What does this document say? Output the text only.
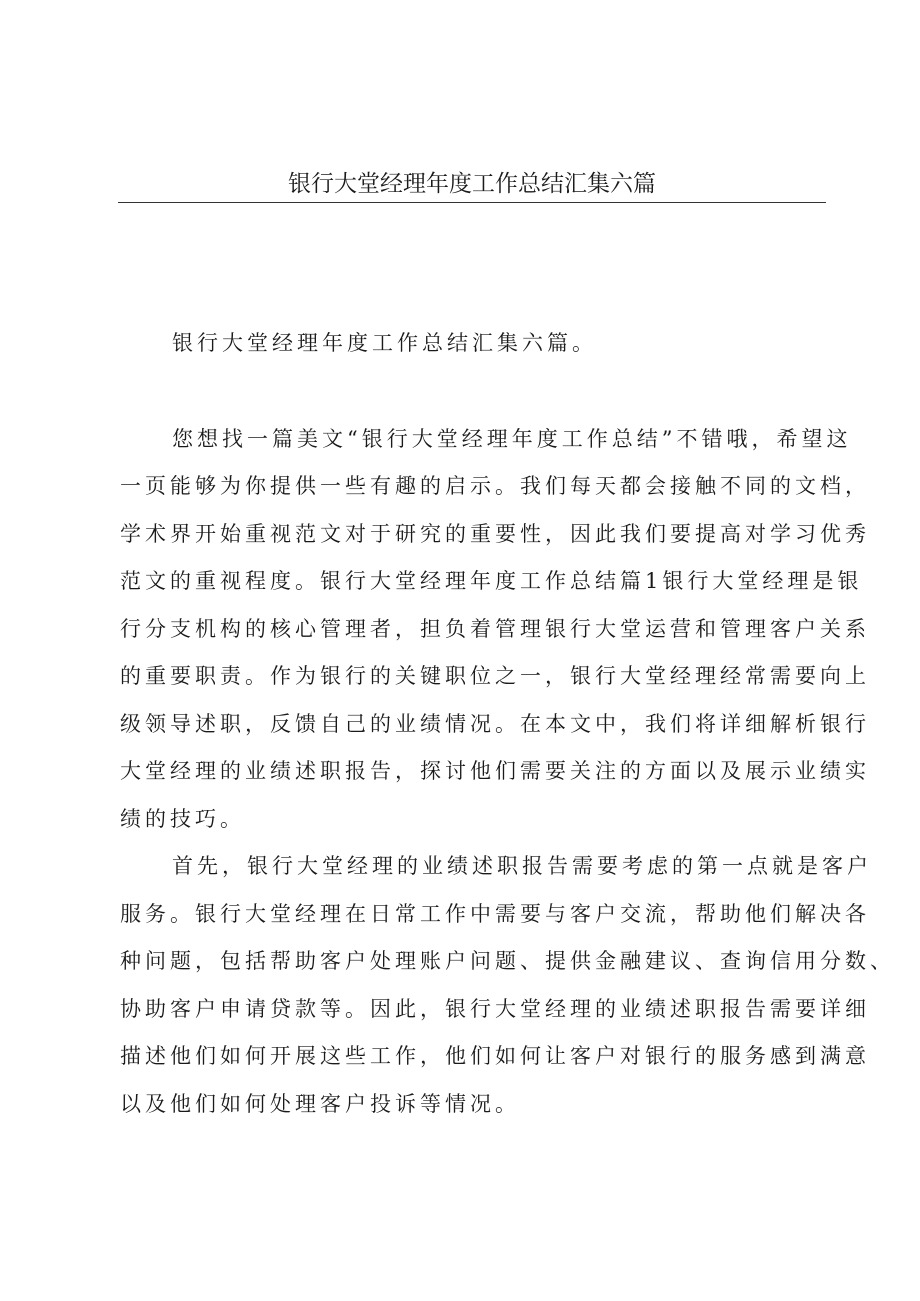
银行大堂经理年度工作总结汇集六篇
银行大堂经理年度工作总结汇集六篇。
您想找一篇美文“银行大堂经理年度工作总结”不错哦，希望这
一页能够为你提供一些有趣的启示。我们每天都会接触不同的文档，
学术界开始重视范文对于研究的重要性，因此我们要提高对学习优秀
范文的重视程度。银行大堂经理年度工作总结篇1银行大堂经理是银
行分支机构的核心管理者，担负着管理银行大堂运营和管理客户关系
的重要职责。作为银行的关键职位之一，银行大堂经理经常需要向上
级领导述职，反馈自己的业绩情况。在本文中，我们将详细解析银行
大堂经理的业绩述职报告，探讨他们需要关注的方面以及展示业绩实
绩的技巧。
首先，银行大堂经理的业绩述职报告需要考虑的第一点就是客户
服务。银行大堂经理在日常工作中需要与客户交流，帮助他们解决各
种问题，包括帮助客户处理账户问题、提供金融建议、查询信用分数、
协助客户申请贷款等。因此，银行大堂经理的业绩述职报告需要详细
描述他们如何开展这些工作，他们如何让客户对银行的服务感到满意
以及他们如何处理客户投诉等情况。
